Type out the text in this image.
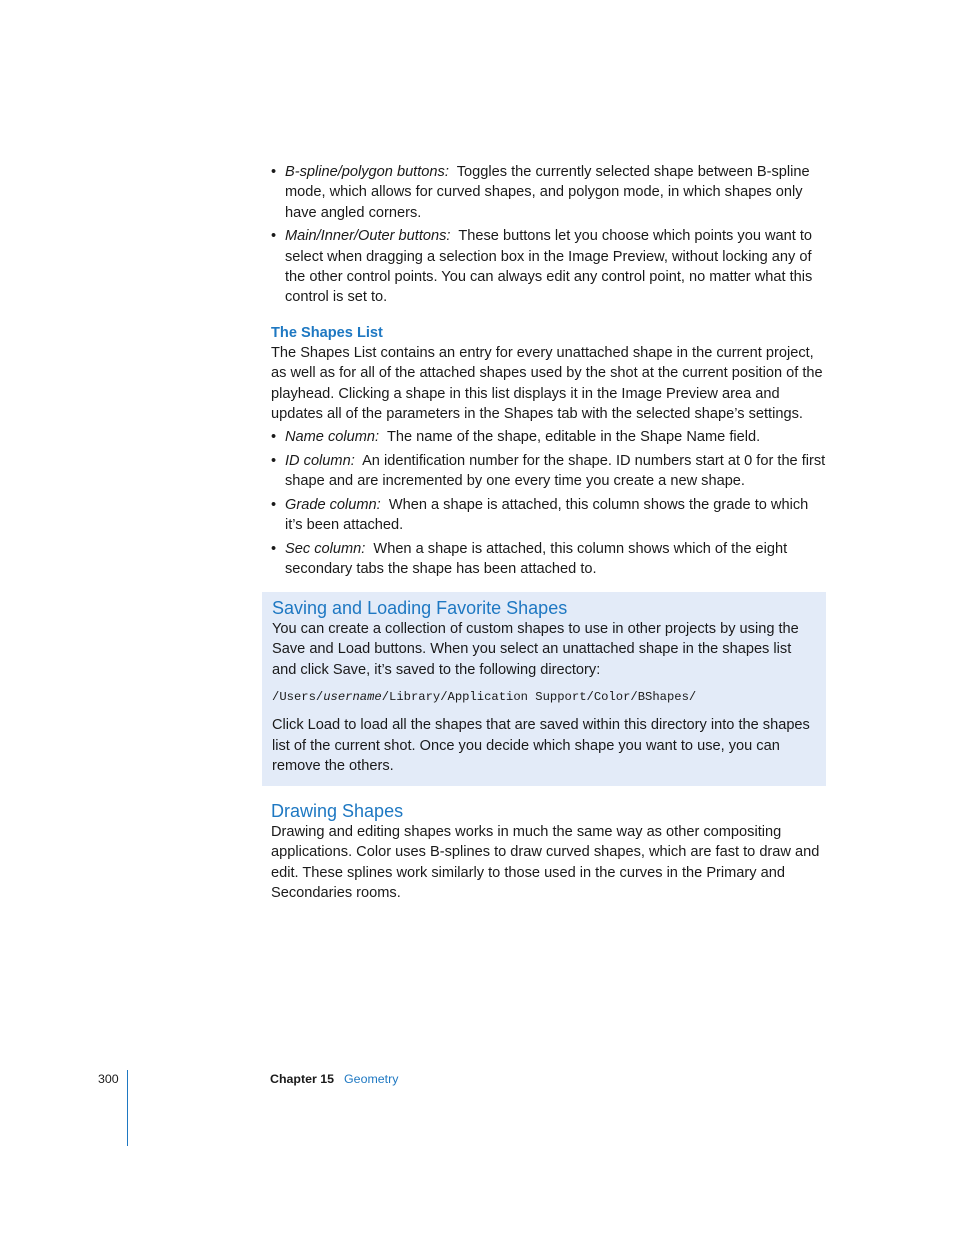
• B-spline/polygon buttons: Toggles the currently selected shape between B-spline mode, which allows for curved shapes, and polygon mode, in which shapes only have angled corners.
• Main/Inner/Outer buttons: These buttons let you choose which points you want to select when dragging a selection box in the Image Preview, without locking any of the other control points. You can always edit any control point, no matter what this control is set to.
The Shapes List

The Shapes List contains an entry for every unattached shape in the current project, as well as for all of the attached shapes used by the shot at the current position of the playhead. Clicking a shape in this list displays it in the Image Preview area and updates all of the parameters in the Shapes tab with the selected shape’s settings.

• Name column: The name of the shape, editable in the Shape Name field.
• ID column: An identification number for the shape. ID numbers start at 0 for the first shape and are incremented by one every time you create a new shape.
• Grade column: When a shape is attached, this column shows the grade to which it’s been attached.
• Sec column: When a shape is attached, this column shows which of the eight secondary tabs the shape has been attached to.
Saving and Loading Favorite Shapes

You can create a collection of custom shapes to use in other projects by using the Save and Load buttons. When you select an unattached shape in the shapes list and click Save, it’s saved to the following directory:

/Users/username/Library/Application Support/Color/BShapes/

Click Load to load all the shapes that are saved within this directory into the shapes list of the current shot. Once you decide which shape you want to use, you can remove the others.

Drawing Shapes

Drawing and editing shapes works in much the same way as other compositing applications. Color uses B-splines to draw curved shapes, which are fast to draw and edit. These splines work similarly to those used in the curves in the Primary and Secondaries rooms.

300	Chapter 15 Geometry
